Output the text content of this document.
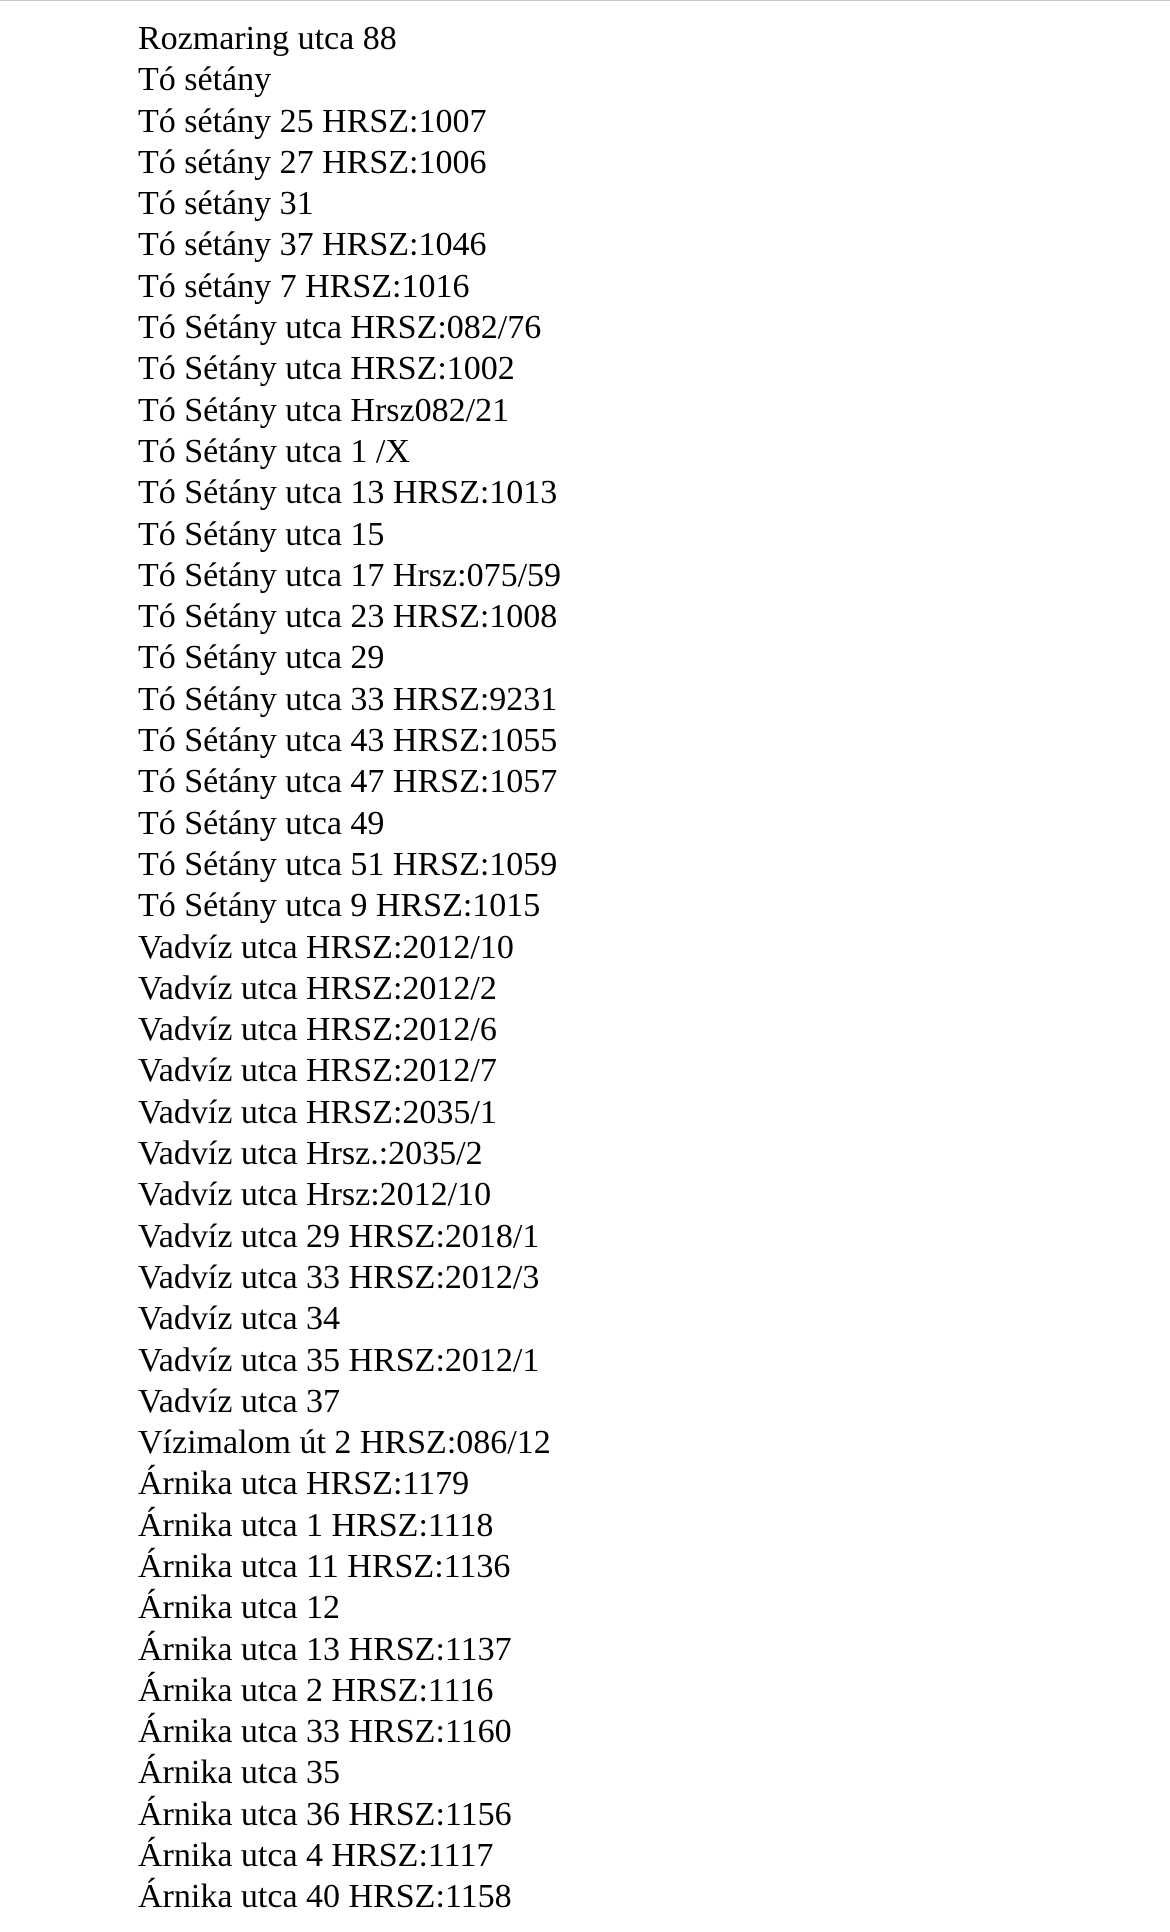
Rozmaring utca 88
Tó sétány
Tó sétány 25 HRSZ:1007
Tó sétány 27 HRSZ:1006
Tó sétány 31
Tó sétány 37 HRSZ:1046
Tó sétány 7 HRSZ:1016
Tó Sétány utca HRSZ:082/76
Tó Sétány utca HRSZ:1002
Tó Sétány utca Hrsz082/21
Tó Sétány utca 1 /X
Tó Sétány utca 13 HRSZ:1013
Tó Sétány utca 15
Tó Sétány utca 17 Hrsz:075/59
Tó Sétány utca 23 HRSZ:1008
Tó Sétány utca 29
Tó Sétány utca 33 HRSZ:9231
Tó Sétány utca 43 HRSZ:1055
Tó Sétány utca 47 HRSZ:1057
Tó Sétány utca 49
Tó Sétány utca 51 HRSZ:1059
Tó Sétány utca 9 HRSZ:1015
Vadvíz utca HRSZ:2012/10
Vadvíz utca HRSZ:2012/2
Vadvíz utca HRSZ:2012/6
Vadvíz utca HRSZ:2012/7
Vadvíz utca HRSZ:2035/1
Vadvíz utca Hrsz.:2035/2
Vadvíz utca Hrsz:2012/10
Vadvíz utca 29 HRSZ:2018/1
Vadvíz utca 33 HRSZ:2012/3
Vadvíz utca 34
Vadvíz utca 35 HRSZ:2012/1
Vadvíz utca 37
Vízimalom út 2 HRSZ:086/12
Árnika utca HRSZ:1179
Árnika utca 1 HRSZ:1118
Árnika utca 11 HRSZ:1136
Árnika utca 12
Árnika utca 13 HRSZ:1137
Árnika utca 2 HRSZ:1116
Árnika utca 33 HRSZ:1160
Árnika utca 35
Árnika utca 36 HRSZ:1156
Árnika utca 4 HRSZ:1117
Árnika utca 40 HRSZ:1158
